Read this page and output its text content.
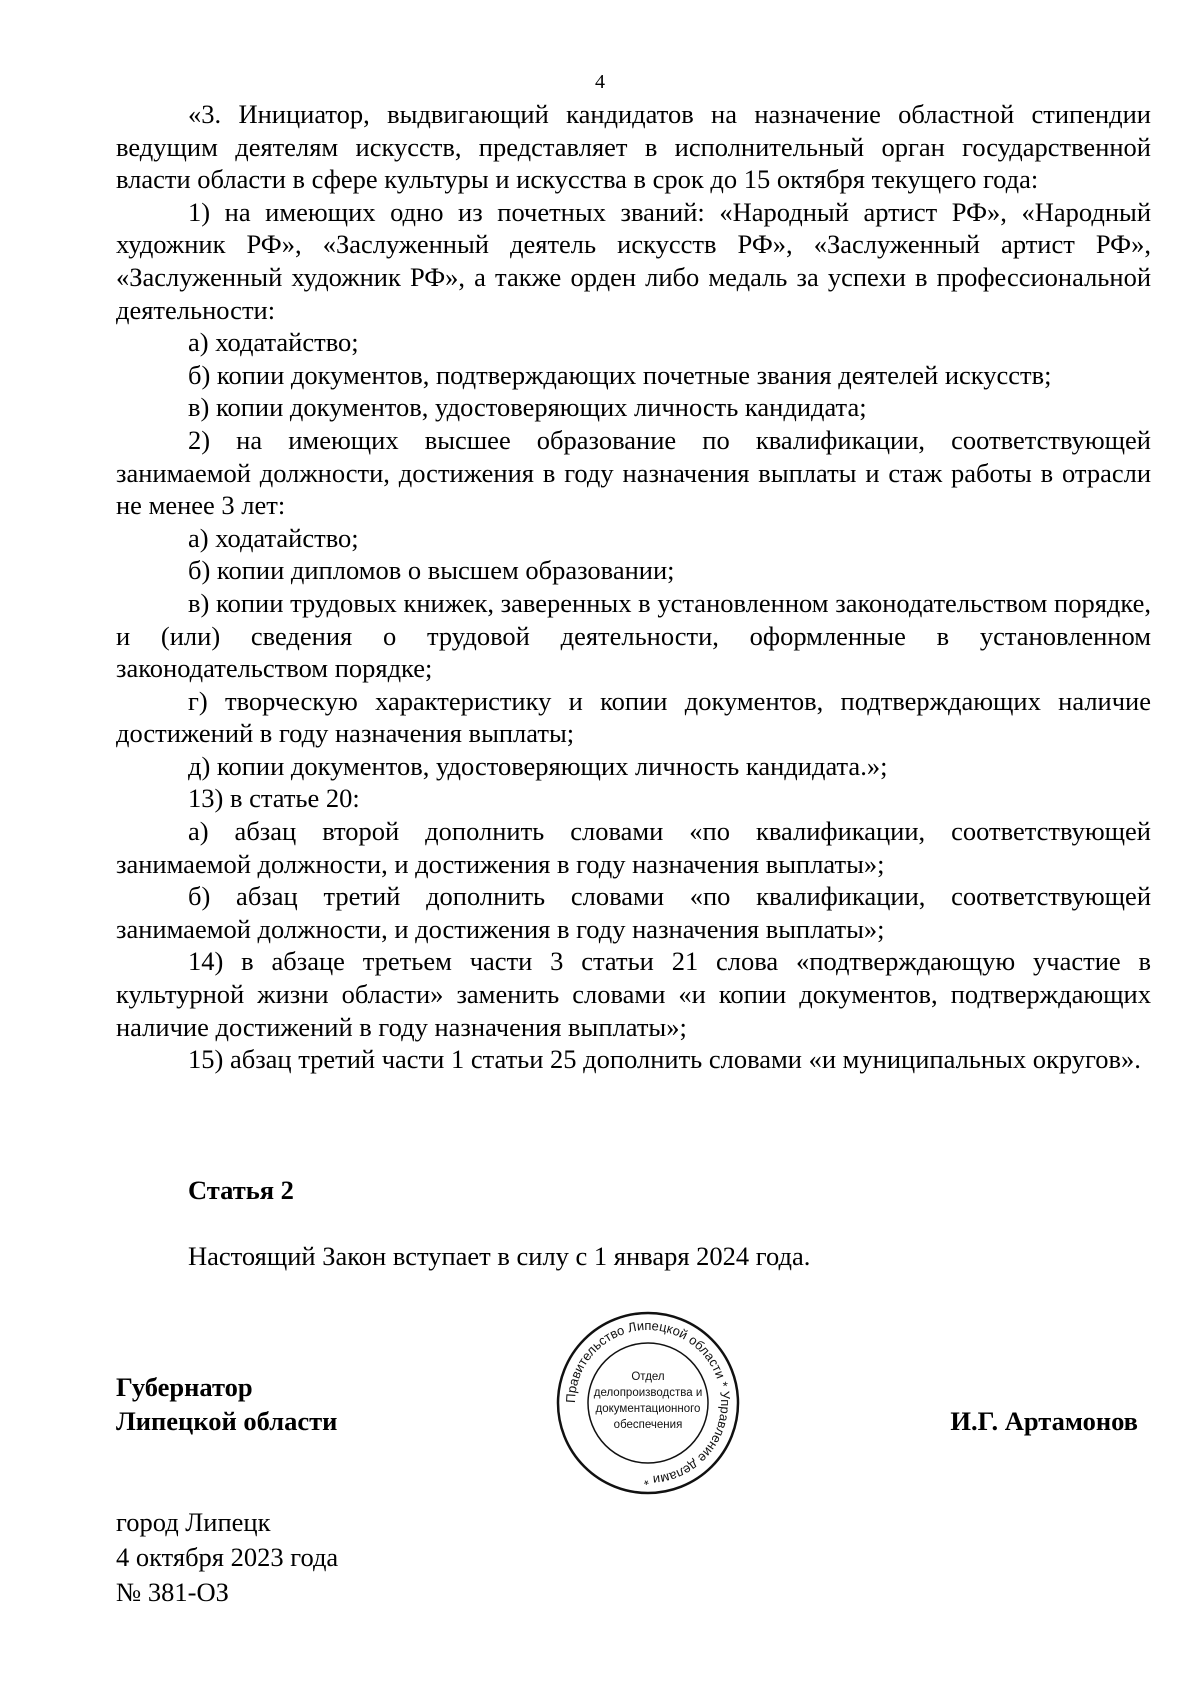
4

«3. Инициатор, выдвигающий кандидатов на назначение областной стипендии ведущим деятелям искусств, представляет в исполнительный орган государственной власти области в сфере культуры и искусства в срок до 15 октября текущего года:

1) на имеющих одно из почетных званий: «Народный артист РФ», «Народный художник РФ», «Заслуженный деятель искусств РФ», «Заслуженный артист РФ», «Заслуженный художник РФ», а также орден либо медаль за успехи в профессиональной деятельности:

а) ходатайство;

б) копии документов, подтверждающих почетные звания деятелей искусств;

в) копии документов, удостоверяющих личность кандидата;

2) на имеющих высшее образование по квалификации, соответствующей занимаемой должности, достижения в году назначения выплаты и стаж работы в отрасли не менее 3 лет:

а) ходатайство;

б) копии дипломов о высшем образовании;

в) копии трудовых книжек, заверенных в установленном законодательством порядке, и (или) сведения о трудовой деятельности, оформленные в установленном законодательством порядке;

г) творческую характеристику и копии документов, подтверждающих наличие достижений в году назначения выплаты;

д) копии документов, удостоверяющих личность кандидата.»;

13) в статье 20:

а) абзац второй дополнить словами «по квалификации, соответствующей занимаемой должности, и достижения в году назначения выплаты»;

б) абзац третий дополнить словами «по квалификации, соответствующей занимаемой должности, и достижения в году назначения выплаты»;

14) в абзаце третьем части 3 статьи 21 слова «подтверждающую участие в культурной жизни области» заменить словами «и копии документов, подтверждающих наличие достижений в году назначения выплаты»;

15) абзац третий части 1 статьи 25 дополнить словами «и муниципальных округов».

Статья 2
Настоящий Закон вступает в силу с 1 января 2024 года.
Губернатор
Липецкой области
Правительство Липецкой области * Управление делами *
Отдел
делопроизводства и
документационного
обеспечения	И.Г. Артамонов
город Липецк
4 октября 2023 года
№ 381-ОЗ
